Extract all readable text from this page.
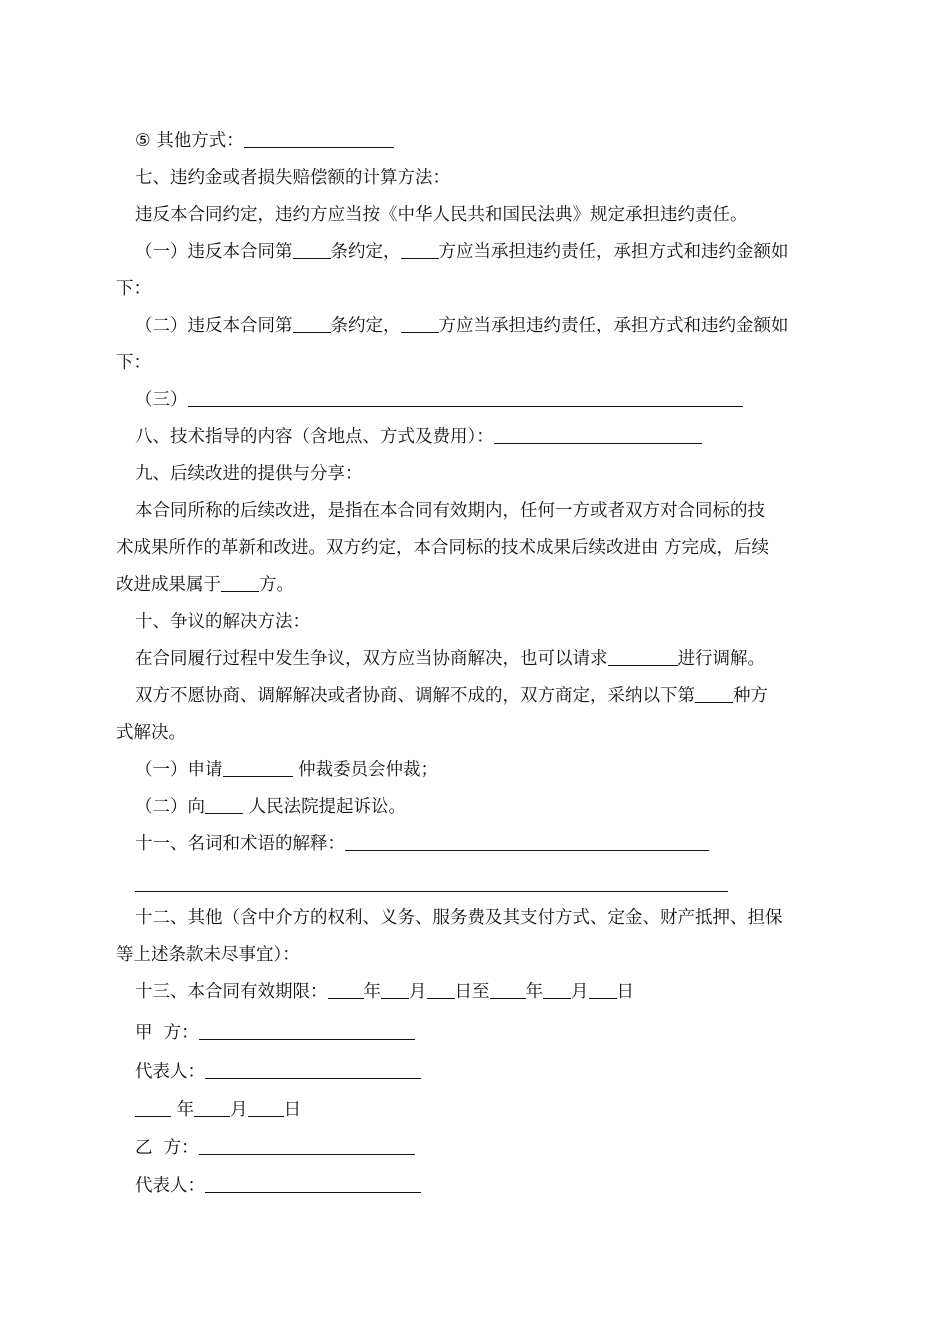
⑤ 其他方式：
七、违约金或者损失赔偿额的计算方法：
违反本合同约定，违约方应当按《中华人民共和国民法典》规定承担违约责任。
（一）违反本合同第 条约定， 方应当承担违约责任，承担方式和违约金额如
下：
（二）违反本合同第 条约定， 方应当承担违约责任，承担方式和违约金额如
下：
（三）
八、技术指导的内容（含地点、方式及费用）：
九、后续改进的提供与分享：
本合同所称的后续改进，是指在本合同有效期内，任何一方或者双方对合同标的技
术成果所作的革新和改进。双方约定，本合同标的技术成果后续改进由 方完成，后续
改进成果属于 方。
十、争议的解决方法：
在合同履行过程中发生争议，双方应当协商解决，也可以请求	进行调解。
双方不愿协商、调解解决或者协商、调解不成的，双方商定，采纳以下第 种方
式解决。
（一）申请	仲裁委员会仲裁；
（二）向 人民法院提起诉讼。
十一、名词和术语的解释：
十二、其他（含中介方的权利、义务、服务费及其支付方式、定金、财产抵押、担保
等上述条款未尽事宜）：
十三、本合同有效期限： 年 月 日至 年 月 日
甲  方：
代表人：
年 月 日
乙  方：
代表人：
